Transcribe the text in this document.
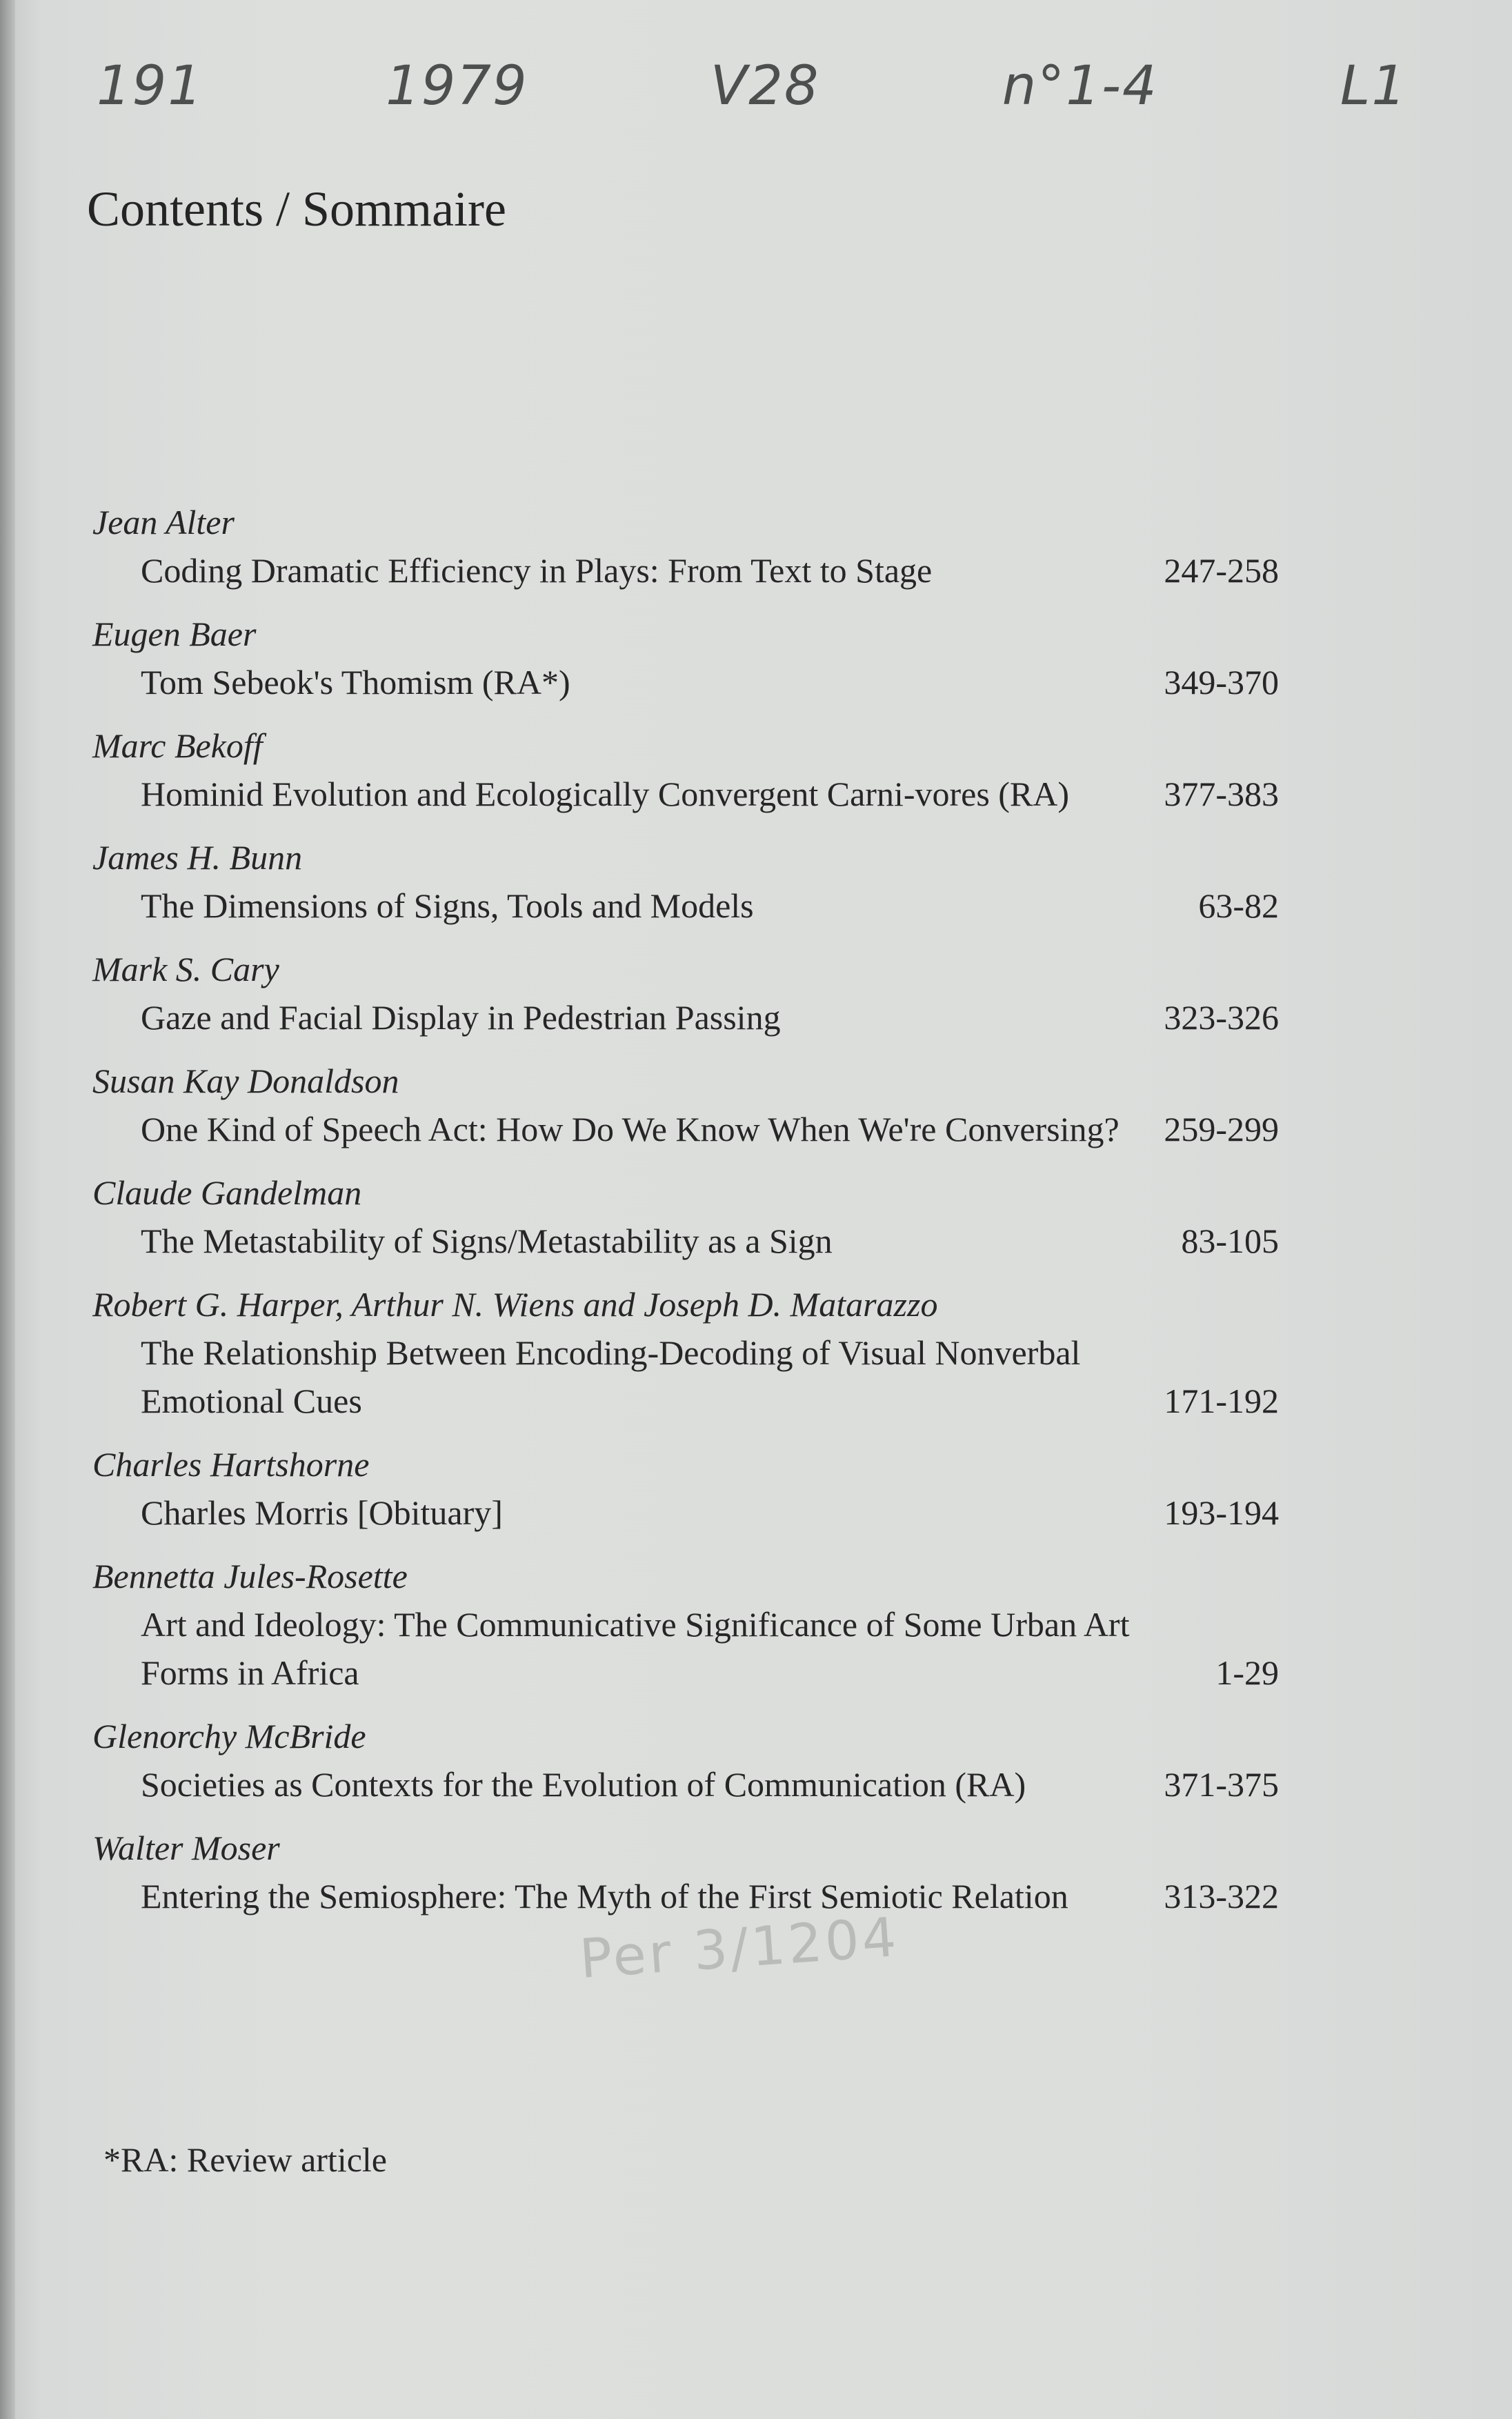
191	1979	V28	n°1-4	L1
Contents / Sommaire
Jean Alter
Coding Dramatic Efficiency in Plays: From Text to Stage	247-258
Eugen Baer
Tom Sebeok's Thomism (RA*)	349-370
Marc Bekoff
Hominid Evolution and Ecologically Convergent Carni-vores (RA)	377-383
James H. Bunn
The Dimensions of Signs, Tools and Models	63-82
Mark S. Cary
Gaze and Facial Display in Pedestrian Passing	323-326
Susan Kay Donaldson
One Kind of Speech Act: How Do We Know When We're Conversing?	259-299
Claude Gandelman
The Metastability of Signs/Metastability as a Sign	83-105
Robert G. Harper, Arthur N. Wiens and Joseph D. Matarazzo
The Relationship Between Encoding-Decoding of Visual Nonverbal Emotional Cues	171-192
Charles Hartshorne
Charles Morris [Obituary]	193-194
Bennetta Jules-Rosette
Art and Ideology: The Communicative Significance of Some Urban Art Forms in Africa	1-29
Glenorchy McBride
Societies as Contexts for the Evolution of Communication (RA)	371-375
Walter Moser
Entering the Semiosphere: The Myth of the First Semiotic Relation	313-322
Per 3/1204
*RA: Review article
